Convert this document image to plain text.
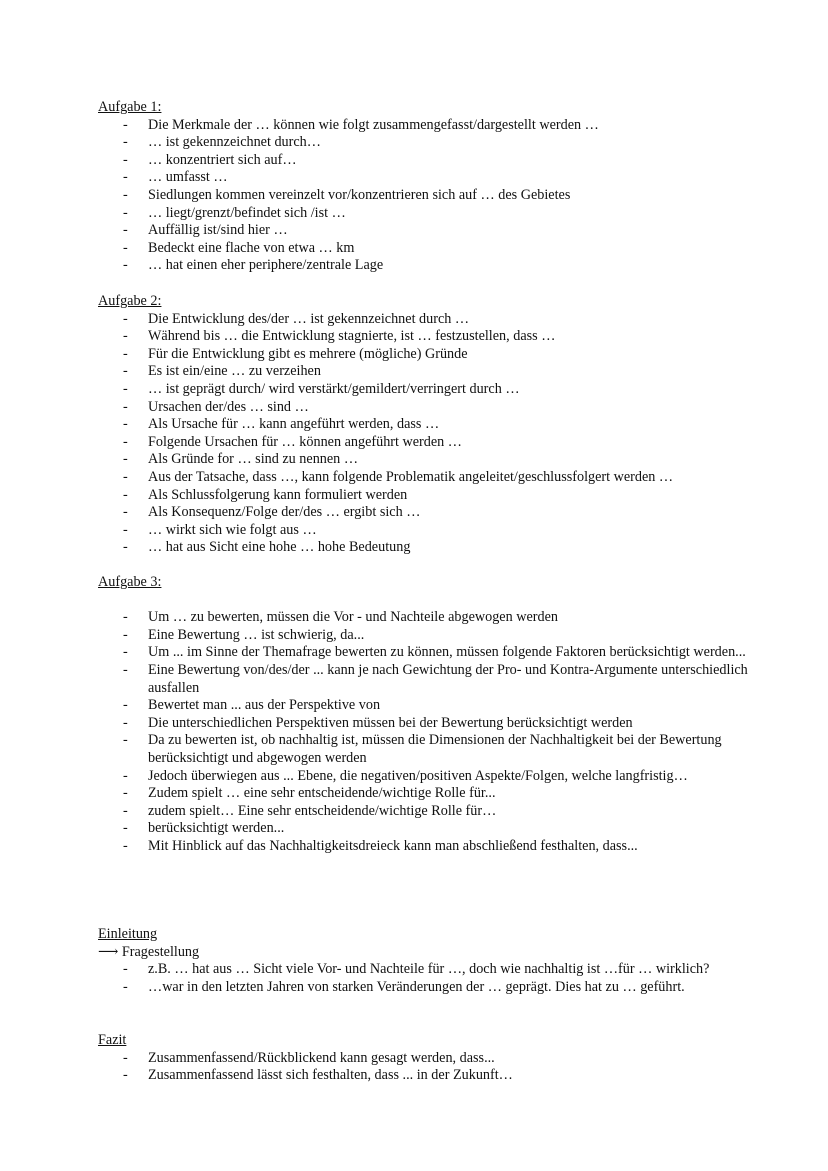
Aufgabe 1:
- Die Merkmale der … können wie folgt zusammengefasst/dargestellt werden …
- … ist gekennzeichnet durch…
- … konzentriert sich auf…
- … umfasst …
- Siedlungen kommen vereinzelt vor/konzentrieren sich auf … des Gebietes
- … liegt/grenzt/befindet sich /ist …
- Auffällig ist/sind hier …
- Bedeckt eine flache von etwa … km
- … hat einen eher periphere/zentrale Lage
Aufgabe 2:
- Die Entwicklung des/der … ist gekennzeichnet durch …
- Während bis … die Entwicklung stagnierte, ist … festzustellen, dass …
- Für die Entwicklung gibt es mehrere (mögliche) Gründe
- Es ist ein/eine … zu verzeihen
- … ist geprägt durch/ wird verstärkt/gemildert/verringert durch …
- Ursachen der/des … sind …
- Als Ursache für … kann angeführt werden, dass …
- Folgende Ursachen für … können angeführt werden …
- Als Gründe for … sind zu nennen …
- Aus der Tatsache, dass …, kann folgende Problematik angeleitet/geschlussfolgert werden …
- Als Schlussfolgerung kann formuliert werden
- Als Konsequenz/Folge der/des … ergibt sich …
- … wirkt sich wie folgt aus …
- … hat aus Sicht eine hohe … hohe Bedeutung
Aufgabe 3:
- Um … zu bewerten, müssen die Vor - und Nachteile abgewogen werden
- Eine Bewertung … ist schwierig, da...
- Um ... im Sinne der Themafrage bewerten zu können, müssen folgende Faktoren berücksichtigt werden...
- Eine Bewertung von/des/der ... kann je nach Gewichtung der Pro- und Kontra-Argumente unterschiedlich ausfallen
- Bewertet man ... aus der Perspektive von
- Die unterschiedlichen Perspektiven müssen bei der Bewertung berücksichtigt werden
- Da zu bewerten ist, ob nachhaltig ist, müssen die Dimensionen der Nachhaltigkeit bei der Bewertung berücksichtigt und abgewogen werden
- Jedoch überwiegen aus ... Ebene, die negativen/positiven Aspekte/Folgen, welche langfristig…
- Zudem spielt … eine sehr entscheidende/wichtige Rolle für...
- zudem spielt… Eine sehr entscheidende/wichtige Rolle für…
- berücksichtigt werden...
- Mit Hinblick auf das Nachhaltigkeitsdreieck kann man abschließend festhalten, dass...
Einleitung
⟶ Fragestellung
- z.B. … hat aus … Sicht viele Vor- und Nachteile für …, doch wie nachhaltig ist …für … wirklich?
- …war in den letzten Jahren von starken Veränderungen der … geprägt. Dies hat zu … geführt.
Fazit
- Zusammenfassend/Rückblickend kann gesagt werden, dass...
- Zusammenfassend lässt sich festhalten, dass ... in der Zukunft…
